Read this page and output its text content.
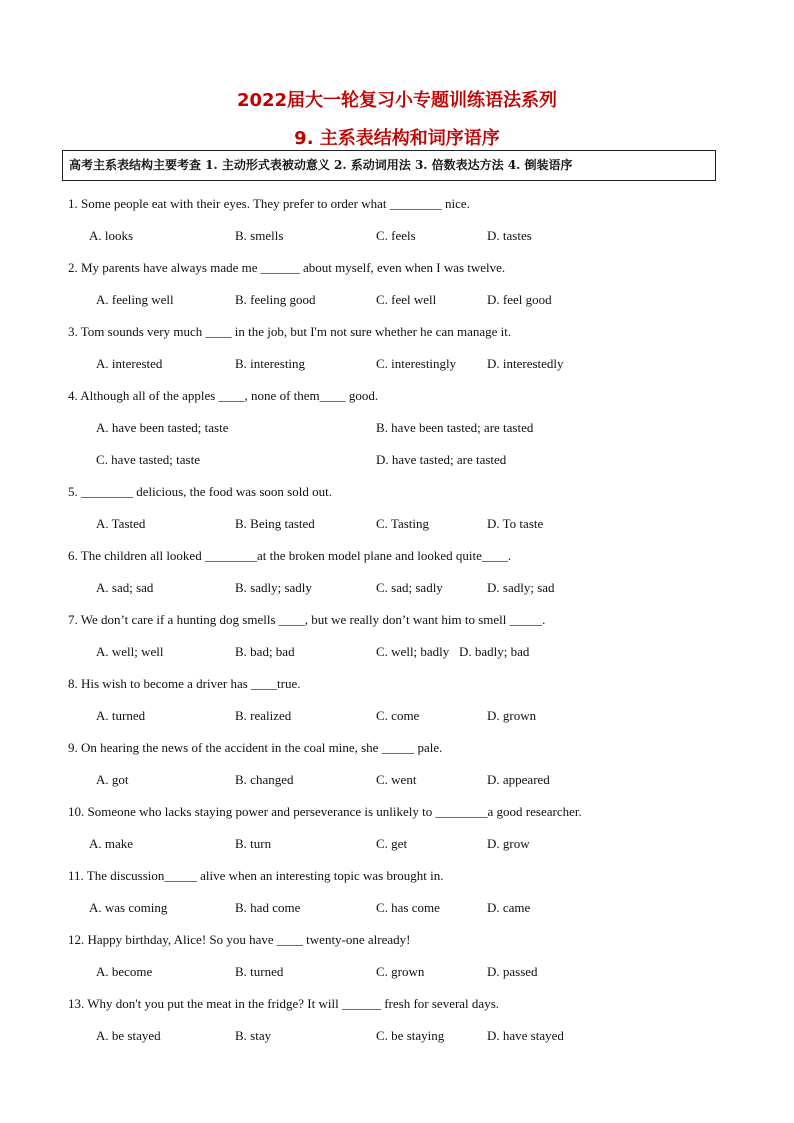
2022届大一轮复习小专题训练语法系列
9. 主系表结构和词序语序
高考主系表结构主要考查 1. 主动形式表被动意义 2. 系动词用法 3. 倍数表达方法 4. 倒装语序
1. Some people eat with their eyes. They prefer to order what ________ nice.
A. looks	B. smells	C. feels	D. tastes
2. My parents have always made me ______ about myself, even when I was twelve.
A. feeling well	B. feeling good	C. feel well	D. feel good
3. Tom sounds very much ____ in the job, but I'm not sure whether he can manage it.
A. interested	B. interesting	C. interestingly D. interestedly
4. Although all of the apples ____, none of them____ good.
A. have been tasted; taste	B. have been tasted; are tasted
C. have tasted; taste	D. have tasted; are tasted
5. ________ delicious, the food was soon sold out.
A. Tasted	B. Being tasted	C. Tasting	D. To taste
6. The children all looked ________at the broken model plane and looked quite____.
A. sad; sad	B. sadly; sadly	C. sad; sadly	D. sadly; sad
7. We don’t care if a hunting dog smells ____, but we really don’t want him to smell _____.
A. well; well	B. bad; bad	C. well; badly D. badly; bad
8. His wish to become a driver has ____true.
A. turned	B. realized	C. come	D. grown
9. On hearing the news of the accident in the coal mine, she _____ pale.
A. got	B. changed	C. went	D. appeared
10. Someone who lacks staying power and perseverance is unlikely to ________a good researcher.
A. make	B. turn	C. get	D. grow
11. The discussion_____ alive when an interesting topic was brought in.
A. was coming	B. had come	C. has come	D. came
12. Happy birthday, Alice! So you have ____ twenty-one already!
A. become	B. turned	C. grown	D. passed
13. Why don't you put the meat in the fridge? It will ______ fresh for several days.
A. be stayed	B. stay	C. be staying	D. have stayed
